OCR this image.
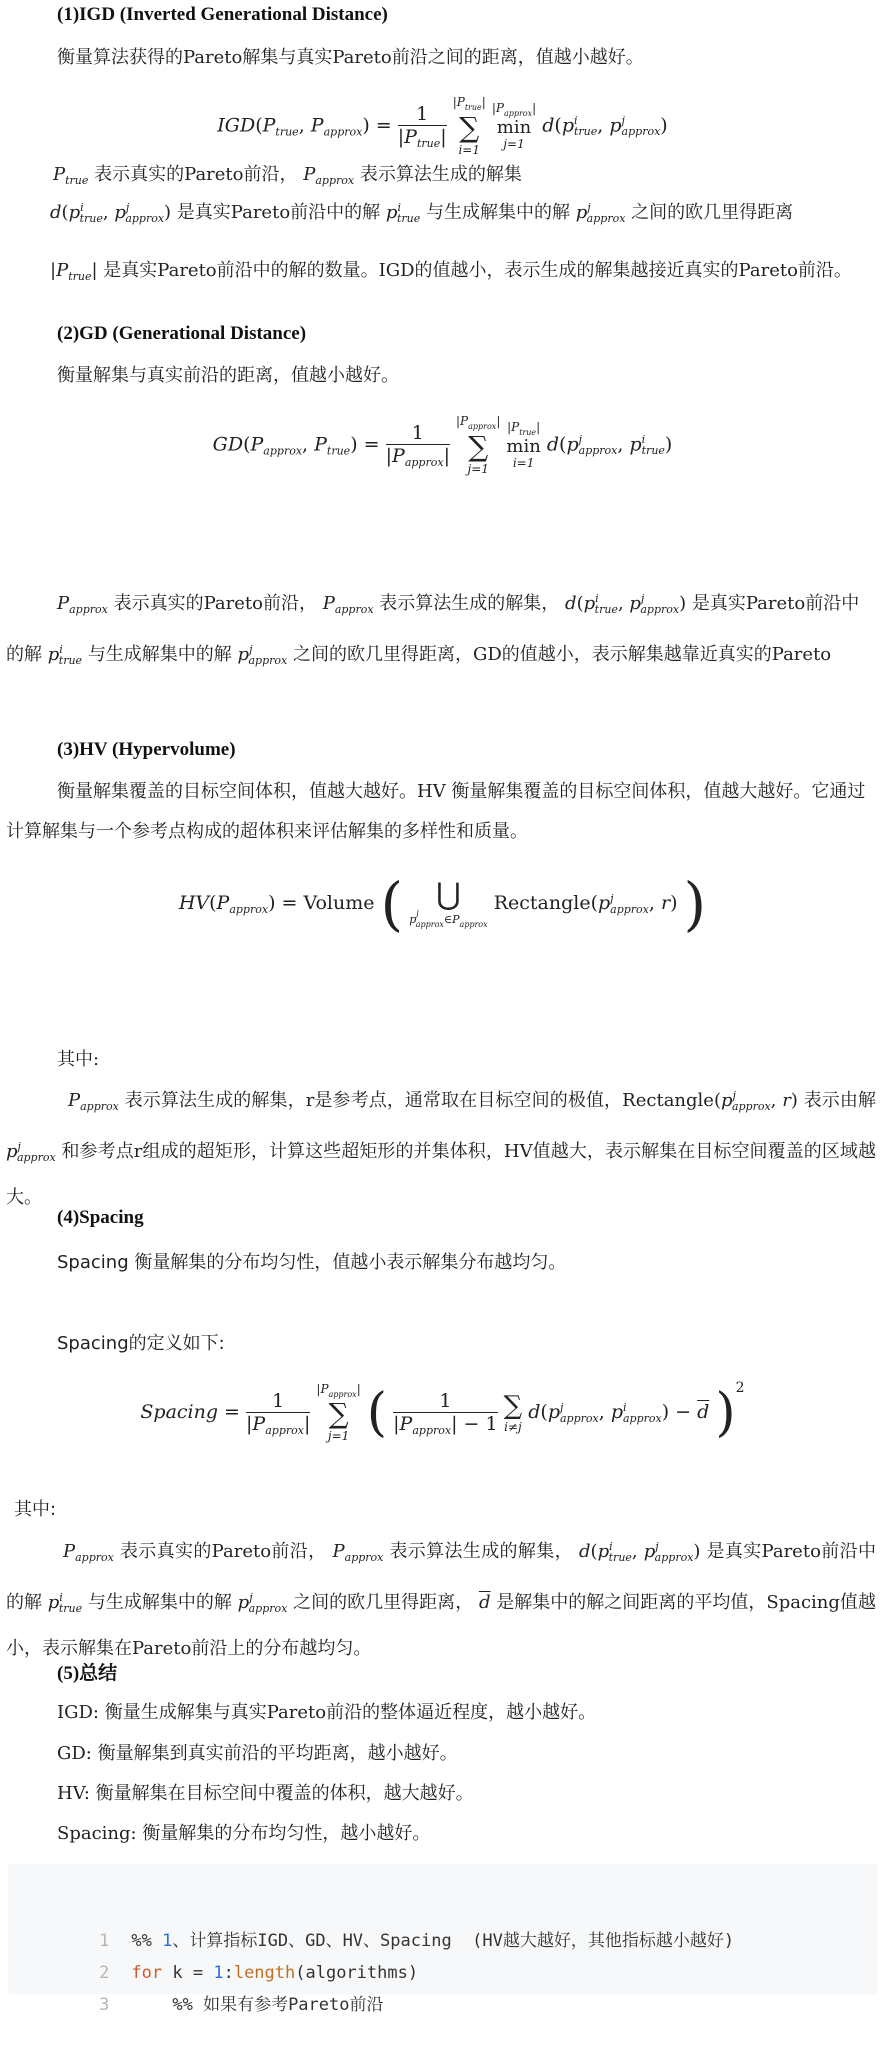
(1)IGD (Inverted Generational Distance)
衡量算法获得的Pareto解集与真实Pareto前沿之间的距离，值越小越好。
$IGD(P_{true}$, $P_{approx}$) =
1
$|P_{true}|$

$|P_{true}|$
∑
i=1

$|P_{approx}|$
min
j=1
d(p i
true , p j
approx )
$P_{true}$ 表示真实的Pareto前沿， $P_{approx}$ 表示算法生成的解集
$d(p^i_{true}$, $p^j_{approx}$) 是真实Pareto前沿中的解 $p^i_{true}$ 与生成解集中的解 $p^j_{approx}$ 之间的欧几里得距离
$|P_{true}|$ 是真实Pareto前沿中的解的数量。IGD的值越小，表示生成的解集越接近真实的Pareto前沿。
(2)GD (Generational Distance)
衡量解集与真实前沿的距离，值越小越好。
$GD(P_{approx}$, $P_{true}$) =
1
$|P_{approx}|$

$|P_{approx}|$
∑
j=1

$|P_{true}|$
min
i=1
d(p j
approx , p i
true )
$P_{approx}$ 表示真实的Pareto前沿， $P_{approx}$ 表示算法生成的解集， $d(p^i_{true}$, $p^j_{approx}$) 是真实Pareto前沿中的解 $p^i_{true}$ 与生成解集中的解 $p^j_{approx}$ 之间的欧几里得距离，GD的值越小，表示解集越靠近真实的Pareto
(3)HV (Hypervolume)
衡量解集覆盖的目标空间体积，值越大越好。HV 衡量解集覆盖的目标空间体积，值越大越好。它通过计算解集与一个参考点构成的超体积来评估解集的多样性和质量。
$HV(P_{approx})$ = Volume (	⋃
$p^j_{approx}\in P_{approx}$
Rectangle(p j
approx , r) )
其中:
$P_{approx}$ 表示算法生成的解集，r是参考点，通常取在目标空间的极值，$Rectangle(p^j_{approx}$, r) 表示由解 $p^j_{approx}$ 和参考点r组成的超矩形，计算这些超矩形的并集体积，HV值越大，表示解集在目标空间覆盖的区域越大。
(4)Spacing
Spacing 衡量解集的分布均匀性，值越小表示解集分布越均匀。
Spacing的定义如下:
Spacing =
1
$|P_{approx}|$

$|P_{approx}|$
∑
j=1 (	1
$|P_{approx}| - 1$

∑
i≠j
d(p j
approx , p i
approx ) − $\overline{d}$ )$^2$
其中:
$P_{approx}$ 表示真实的Pareto前沿， $P_{approx}$ 表示算法生成的解集， $d(p^i_{true}$, $p^j_{approx}$) 是真实Pareto前沿中的解 $p^i_{true}$ 与生成解集中的解 $p^j_{approx}$ 之间的欧几里得距离， $\overline{d}$ 是解集中的解之间距离的平均值，Spacing值越小，表示解集在Pareto前沿上的分布越均匀。
(5)总结
IGD: 衡量生成解集与真实Pareto前沿的整体逼近程度，越小越好。
GD: 衡量解集到真实前沿的平均距离，越小越好。
HV: 衡量解集在目标空间中覆盖的体积，越大越好。
Spacing: 衡量解集的分布均匀性，越小越好。

1 %% 1、计算指标IGD、GD、HV、Spacing  (HV越大越好，其他指标越小越好)

2 for k = 1:length(algorithms)

3    %% 如果有参考Pareto前沿
